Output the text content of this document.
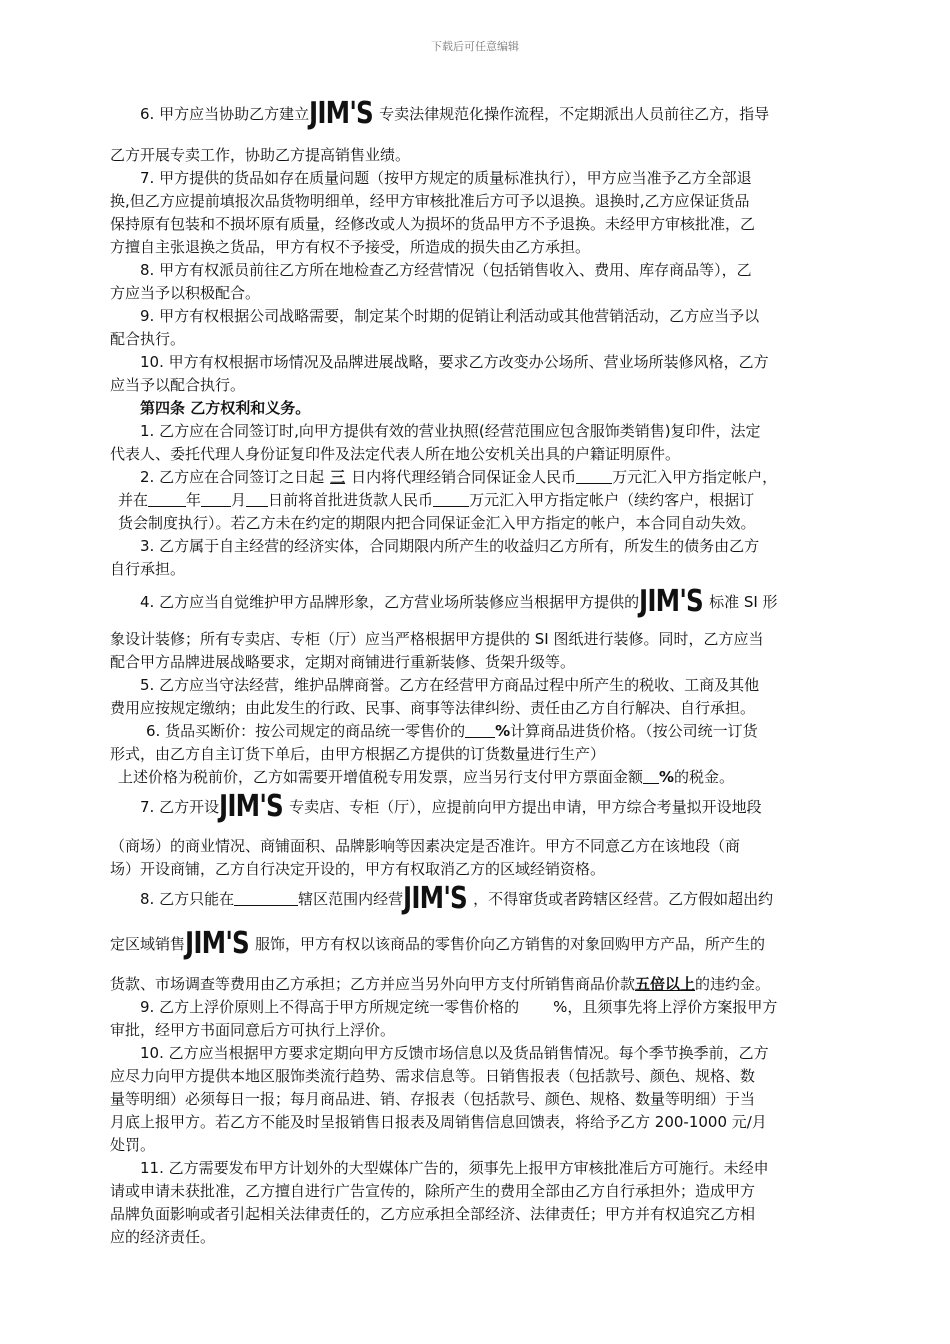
下载后可任意编辑
6. 甲方应当协助乙方建立JIM'S 专卖法律规范化操作流程，不定期派出人员前往乙方，指导
乙方开展专卖工作，协助乙方提高销售业绩。
7. 甲方提供的货品如存在质量问题（按甲方规定的质量标准执行），甲方应当准予乙方全部退
换,但乙方应提前填报次品货物明细单，经甲方审核批准后方可予以退换。退换时,乙方应保证货品
保持原有包装和不损坏原有质量，经修改或人为损坏的货品甲方不予退换。未经甲方审核批准，乙
方擅自主张退换之货品，甲方有权不予接受，所造成的损失由乙方承担。
8. 甲方有权派员前往乙方所在地检查乙方经营情况（包括销售收入、费用、库存商品等），乙
方应当予以积极配合。
9. 甲方有权根据公司战略需要，制定某个时期的促销让利活动或其他营销活动，乙方应当予以
配合执行。
10. 甲方有权根据市场情况及品牌进展战略，要求乙方改变办公场所、营业场所装修风格，乙方
应当予以配合执行。
第四条 乙方权利和义务。
1. 乙方应在合同签订时,向甲方提供有效的营业执照(经营范围应包含服饰类销售)复印件，法定
代表人、委托代理人身份证复印件及法定代表人所在地公安机关出具的户籍证明原件。
2. 乙方应在合同签订之日起 三 日内将代理经销合同保证金人民币 万元汇入甲方指定帐户，
并在	年 月 日前将首批进货款人民币 万元汇入甲方指定帐户（续约客户，根据订
货会制度执行）。若乙方未在约定的期限内把合同保证金汇入甲方指定的帐户，本合同自动失效。
3. 乙方属于自主经营的经济实体，合同期限内所产生的收益归乙方所有，所发生的债务由乙方
自行承担。
4. 乙方应当自觉维护甲方品牌形象，乙方营业场所装修应当根据甲方提供的JIM'S 标准 SI 形
象设计装修；所有专卖店、专柜（厅）应当严格根据甲方提供的 SI 图纸进行装修。同时，乙方应当
配合甲方品牌进展战略要求，定期对商铺进行重新装修、货架升级等。
5. 乙方应当守法经营，维护品牌商誉。乙方在经营甲方商品过程中所产生的税收、工商及其他
费用应按规定缴纳；由此发生的行政、民事、商事等法律纠纷、责任由乙方自行解决、自行承担。
6. 货品买断价：按公司规定的商品统一零售价的 %计算商品进货价格。（按公司统一订货
形式，由乙方自主订货下单后，由甲方根据乙方提供的订货数量进行生产）
上述价格为税前价，乙方如需要开增值税专用发票，应当另行支付甲方票面金额 %的税金。
7. 乙方开设JIM'S 专卖店、专柜（厅），应提前向甲方提出申请，甲方综合考量拟开设地段
（商场）的商业情况、商铺面积、品牌影响等因素决定是否准许。甲方不同意乙方在该地段（商
场）开设商铺，乙方自行决定开设的，甲方有权取消乙方的区域经销资格。
8. 乙方只能在	辖区范围内经营JIM'S ，不得窜货或者跨辖区经营。乙方假如超出约
定区域销售JIM'S 服饰，甲方有权以该商品的零售价向乙方销售的对象回购甲方产品，所产生的
货款、市场调查等费用由乙方承担；乙方并应当另外向甲方支付所销售商品价款五倍以上的违约金。
9. 乙方上浮价原则上不得高于甲方所规定统一零售价格的 %，且须事先将上浮价方案报甲方
审批，经甲方书面同意后方可执行上浮价。
10. 乙方应当根据甲方要求定期向甲方反馈市场信息以及货品销售情况。每个季节换季前，乙方
应尽力向甲方提供本地区服饰类流行趋势、需求信息等。日销售报表（包括款号、颜色、规格、数
量等明细）必须每日一报；每月商品进、销、存报表（包括款号、颜色、规格、数量等明细）于当
月底上报甲方。若乙方不能及时呈报销售日报表及周销售信息回馈表，将给予乙方 200-1000 元/月
处罚。
11. 乙方需要发布甲方计划外的大型媒体广告的，须事先上报甲方审核批准后方可施行。未经申
请或申请未获批准，乙方擅自进行广告宣传的，除所产生的费用全部由乙方自行承担外；造成甲方
品牌负面影响或者引起相关法律责任的，乙方应承担全部经济、法律责任；甲方并有权追究乙方相
应的经济责任。
